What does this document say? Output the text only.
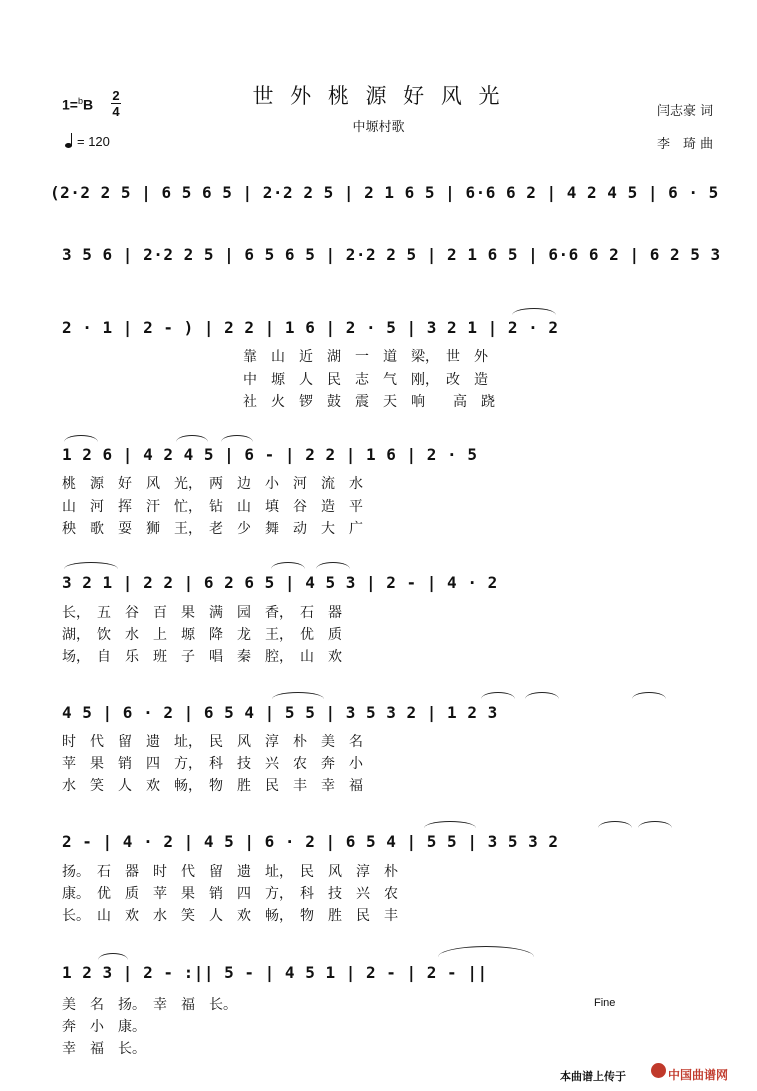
世 外 桃 源 好 风 光
中塬村歌
1=$^b$B
2
4
= 120
闫志豪 词
李　琦 曲
(2·2 2 5 | 6 5 6 5 | 2·2 2 5 | 2 1 6 5 | 6·6 6 2 | 4 2 4 5 | 6 · 5
3 5 6 | 2·2 2 5 | 6 5 6 5 | 2·2 2 5 | 2 1 6 5 | 6·6 6 2 | 6 2 5 3
2 · 1 | 2 - ) | 2 2 | 1 6 | 2 · 5 | 3 2 1 | 2 · 2
靠　山　近　湖　一　道　梁，　世　外
中　塬　人　民　志　气　刚，　改　造
社　火　锣　鼓　震　天　响　　高　跷
1 2 6 | 4 2 4 5 | 6 - | 2 2 | 1 6 | 2 · 5
桃　源　好　风　光，　两　边　小　河　流　水
山　河　挥　汗　忙，　钻　山　填　谷　造　平
秧　歌　耍　狮　王，　老　少　舞　动　大　广
3 2 1 | 2 2 | 6 2 6 5 | 4 5 3 | 2 - | 4 · 2
长，　五　谷　百　果　满　园　香，　石　器
湖，　饮　水　上　塬　降　龙　王，　优　质
场，　自　乐　班　子　唱　秦　腔，　山　欢
4 5 | 6 · 2 | 6 5 4 | 5 5 | 3 5 3 2 | 1 2 3
时　代　留　遗　址，　民　风　淳　朴　美　名
苹　果　销　四　方，　科　技　兴　农　奔　小
水　笑　人　欢　畅，　物　胜　民　丰　幸　福
2 - | 4 · 2 | 4 5 | 6 · 2 | 6 5 4 | 5 5 | 3 5 3 2
扬。　石　器　时　代　留　遗　址，　民　风　淳　朴
康。　优　质　苹　果　销　四　方，　科　技　兴　农
长。　山　欢　水　笑　人　欢　畅，　物　胜　民　丰
1 2 3 | 2 - :|| 5 - | 4 5 1 | 2 - | 2 - ||
美　名　扬。　幸　福　长。
奔　小　康。
幸　福　长。
Fine
本曲谱上传于	中国曲谱网
